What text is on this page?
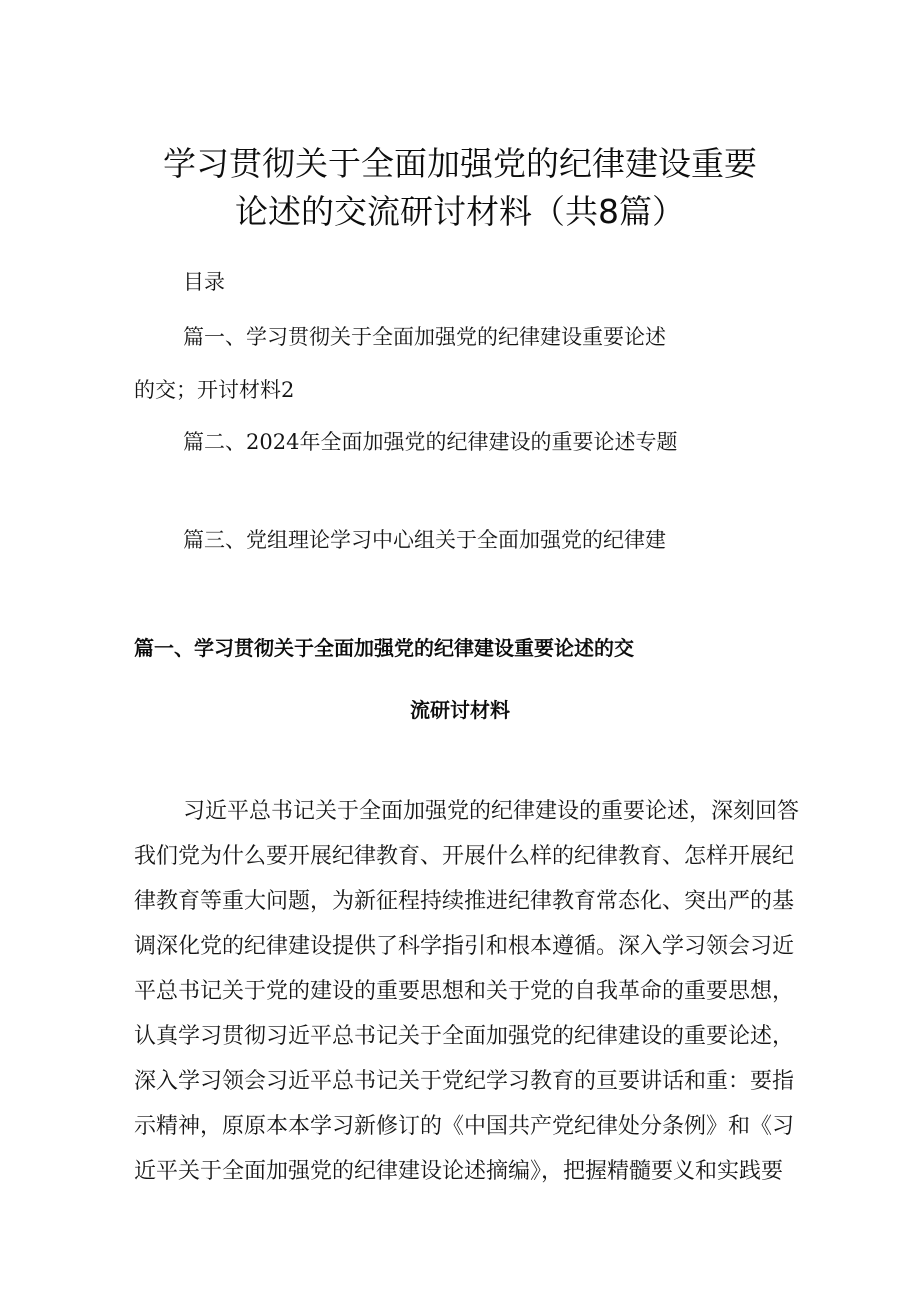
学习贯彻关于全面加强党的纪律建设重要
论述的交流研讨材料（共8篇）
目录
篇一、学习贯彻关于全面加强党的纪律建设重要论述
的交；开讨材料2
篇二、2024年全面加强党的纪律建设的重要论述专题
篇三、党组理论学习中心组关于全面加强党的纪律建
篇一、学习贯彻关于全面加强党的纪律建设重要论述的交
流研讨材料
习近平总书记关于全面加强党的纪律建设的重要论述，深刻回答
我们党为什么要开展纪律教育、开展什么样的纪律教育、怎样开展纪
律教育等重大问题，为新征程持续推进纪律教育常态化、突出严的基
调深化党的纪律建设提供了科学指引和根本遵循。深入学习领会习近
平总书记关于党的建设的重要思想和关于党的自我革命的重要思想，
认真学习贯彻习近平总书记关于全面加强党的纪律建设的重要论述，
深入学习领会习近平总书记关于党纪学习教育的亘要讲话和重：要指
示精神，原原本本学习新修订的《中国共产党纪律处分条例》和《习
近平关于全面加强党的纪律建设论述摘编》，把握精髓要义和实践要
